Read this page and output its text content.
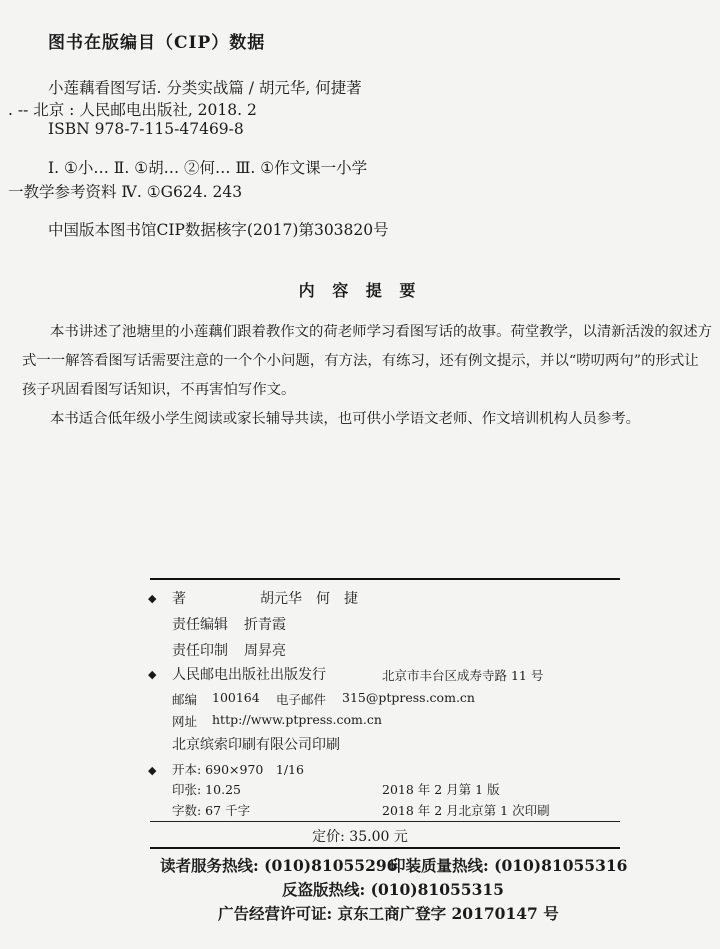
图书在版编目（CIP）数据
小莲藕看图写话. 分类实战篇 / 胡元华, 何捷著
. -- 北京 : 人民邮电出版社, 2018. 2
ISBN 978-7-115-47469-8
Ⅰ. ①小… Ⅱ. ①胡… ②何… Ⅲ. ①作文课一小学
一教学参考资料 Ⅳ. ①G624. 243
中国版本图书馆CIP数据核字(2017)第303820号
内 容 提 要

本书讲述了池塘里的小莲藕们跟着教作文的荷老师学习看图写话的故事。荷堂教学，以清新活泼的叙述方式一一解答看图写话需要注意的一个个小问题，有方法，有练习，还有例文提示，并以“唠叨两句”的形式让孩子巩固看图写话知识，不再害怕写作文。

本书适合低年级小学生阅读或家长辅导共读，也可供小学语文老师、作文培训机构人员参考。

◆ 著	胡元华　何　捷
责任编辑 折青霞
责任印制 周昇亮
◆ 人民邮电出版社出版发行	北京市丰台区成寿寺路 11 号
邮编 100164 电子邮件 315@ptpress.com.cn
网址 http://www.ptpress.com.cn
北京缤索印刷有限公司印刷
◆ 开本: 690×970　1/16
印张: 10.25	2018 年 2 月第 1 版
字数: 67 千字	2018 年 2 月北京第 1 次印刷
定价: 35.00 元
读者服务热线: (010)81055296
印装质量热线: (010)81055316
反盗版热线: (010)81055315
广告经营许可证: 京东工商广登字 20170147 号
